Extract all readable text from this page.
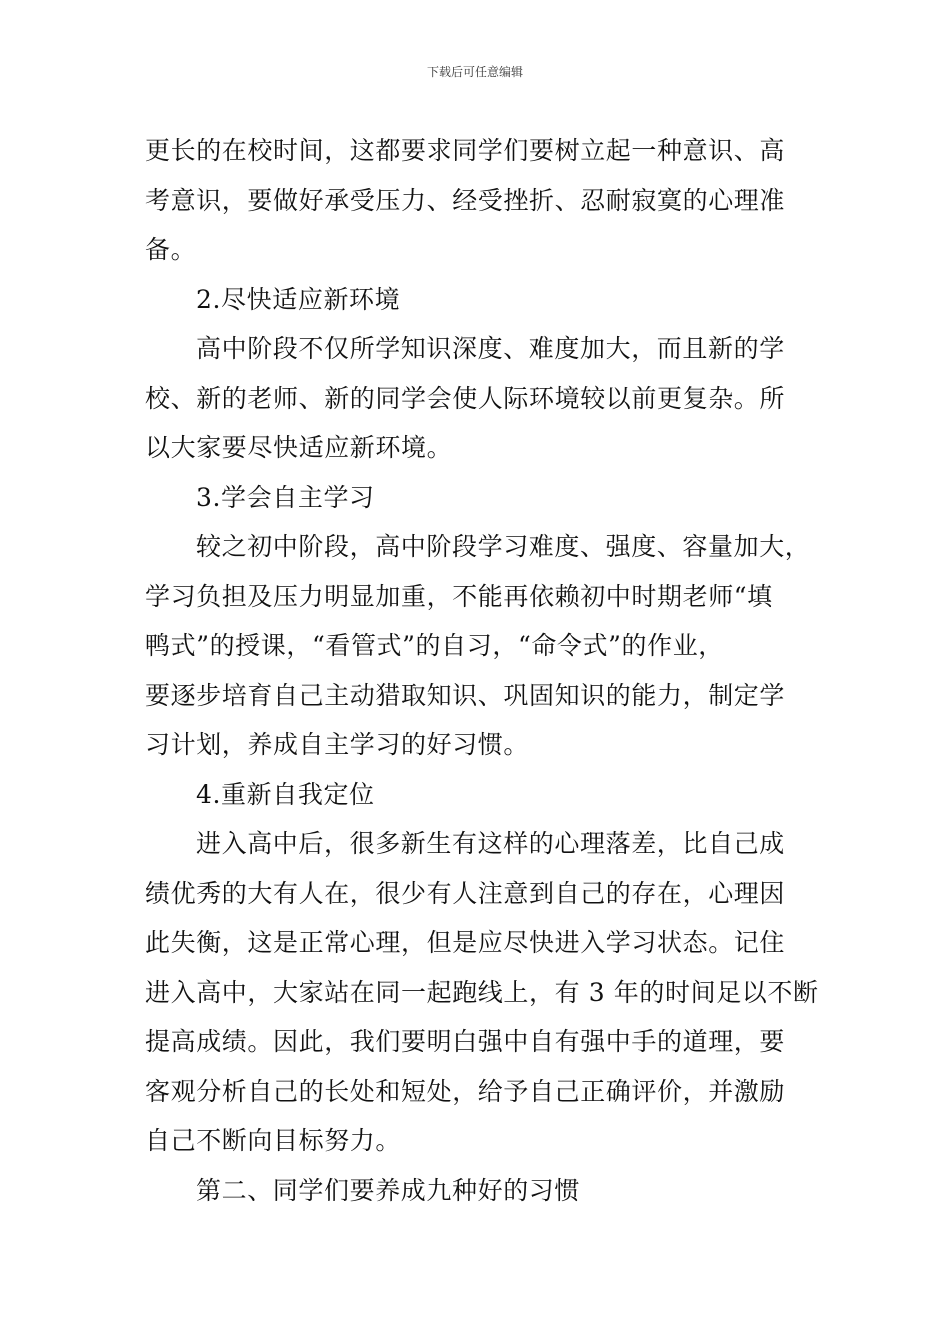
下载后可任意编辑

更长的在校时间，这都要求同学们要树立起一种意识、高
考意识，要做好承受压力、经受挫折、忍耐寂寞的心理准
备。

2.尽快适应新环境

高中阶段不仅所学知识深度、难度加大，而且新的学
校、新的老师、新的同学会使人际环境较以前更复杂。所
以大家要尽快适应新环境。

3.学会自主学习

较之初中阶段，高中阶段学习难度、强度、容量加大，
学习负担及压力明显加重，不能再依赖初中时期老师“填
鸭式”的授课，“看管式”的自习，“命令式”的作业，
要逐步培育自己主动猎取知识、巩固知识的能力，制定学
习计划，养成自主学习的好习惯。

4.重新自我定位

进入高中后，很多新生有这样的心理落差，比自己成
绩优秀的大有人在，很少有人注意到自己的存在，心理因
此失衡，这是正常心理，但是应尽快进入学习状态。记住
进入高中，大家站在同一起跑线上，有 3 年的时间足以不断
提高成绩。因此，我们要明白强中自有强中手的道理，要
客观分析自己的长处和短处，给予自己正确评价，并激励
自己不断向目标努力。

第二、同学们要养成九种好的习惯
